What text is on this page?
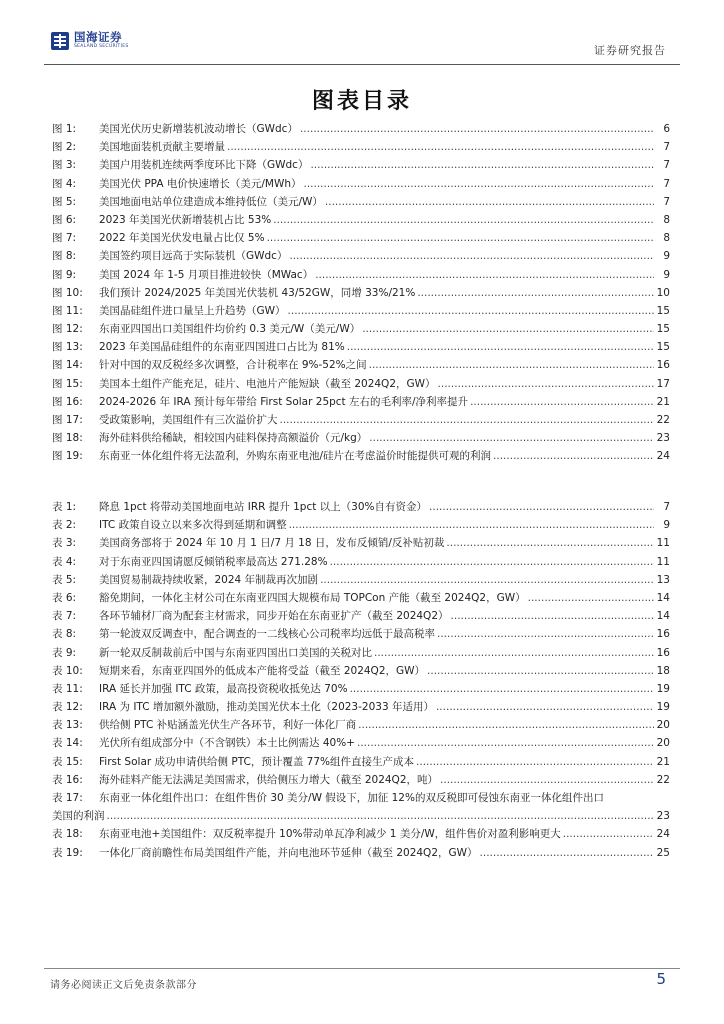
国海证券
SEALAND SECURITIES	证券研究报告
图表目录
图 1:	美国光伏历史新增装机波动增长（GWdc） .....	6
图 2:	美国地面装机贡献主要增量 .....	7
图 3:	美国户用装机连续两季度环比下降（GWdc） .....	7
图 4:	美国光伏 PPA 电价快速增长（美元/MWh） .....	7
图 5:	美国地面电站单位建造成本维持低位（美元/W） .....	7
图 6:	2023 年美国光伏新增装机占比 53% .....	8
图 7:	2022 年美国光伏发电量占比仅 5% .....	8
图 8:	美国签约项目远高于实际装机（GWdc） .....	9
图 9:	美国 2024 年 1-5 月项目推进较快（MWac） .....	9
图 10:	我们预计 2024/2025 年美国光伏装机 43/52GW，同增 33%/21% .....	10
图 11:	美国晶硅组件进口量呈上升趋势（GW） .....	15
图 12:	东南亚四国出口美国组件均价约 0.3 美元/W（美元/W） .....	15
图 13:	2023 年美国晶硅组件的东南亚四国进口占比为 81% .....	15
图 14:	针对中国的双反税经多次调整，合计税率在 9%-52%之间 .....	16
图 15:	美国本土组件产能充足，硅片、电池片产能短缺（截至 2024Q2，GW） .....	17
图 16:	2024-2026 年 IRA 预计每年带给 First Solar 25pct 左右的毛利率/净利率提升 .....	21
图 17:	受政策影响，美国组件有三次溢价扩大 .....	22
图 18:	海外硅料供给稀缺，相较国内硅料保持高额溢价（元/kg） .....	23
图 19:	东南亚一体化组件将无法盈利，外购东南亚电池/硅片在考虑溢价时能提供可观的利润 .....	24
表 1:	降息 1pct 将带动美国地面电站 IRR 提升 1pct 以上（30%自有资金） .....	7
表 2:	ITC 政策自设立以来多次得到延期和调整 .....	9
表 3:	美国商务部将于 2024 年 10 月 1 日/7 月 18 日，发布反倾销/反补贴初裁 .....	11
表 4:	对于东南亚四国请愿反倾销税率最高达 271.28% .....	11
表 5:	美国贸易制裁持续收紧，2024 年制裁再次加剧 .....	13
表 6:	豁免期间，一体化主材公司在东南亚四国大规模布局 TOPCon 产能（截至 2024Q2，GW） .....	14
表 7:	各环节辅材厂商为配套主材需求，同步开始在东南亚扩产（截至 2024Q2） .....	14
表 8:	第一轮波双反调查中，配合调查的一二线核心公司税率均远低于最高税率 .....	16
表 9:	新一轮双反制裁前后中国与东南亚四国出口美国的关税对比 .....	16
表 10:	短期来看，东南亚四国外的低成本产能将受益（截至 2024Q2，GW） .....	18
表 11:	IRA 延长并加强 ITC 政策，最高投资税收抵免达 70% .....	19
表 12:	IRA 为 ITC 增加额外激励，推动美国光伏本土化（2023-2033 年适用） .....	19
表 13:	供给侧 PTC 补贴涵盖光伏生产各环节，利好一体化厂商 .....	20
表 14:	光伏所有组成部分中（不含钢铁）本土比例需达 40%+ .....	20
表 15:	First Solar 成功申请供给侧 PTC，预计覆盖 77%组件直接生产成本 .....	21
表 16:	海外硅料产能无法满足美国需求，供给侧压力增大（截至 2024Q2，吨） .....	22
表 17:	东南亚一体化组件出口：在组件售价 30 美分/W 假设下，加征 12%的双反税即可侵蚀东南亚一体化组件出口
美国的利润 .....	23
表 18:	东南亚电池+美国组件：双反税率提升 10%带动单瓦净利减少 1 美分/W，组件售价对盈利影响更大 .....	24
表 19:	一体化厂商前瞻性布局美国组件产能，并向电池环节延伸（截至 2024Q2，GW） .....	25
请务必阅读正文后免责条款部分	5
